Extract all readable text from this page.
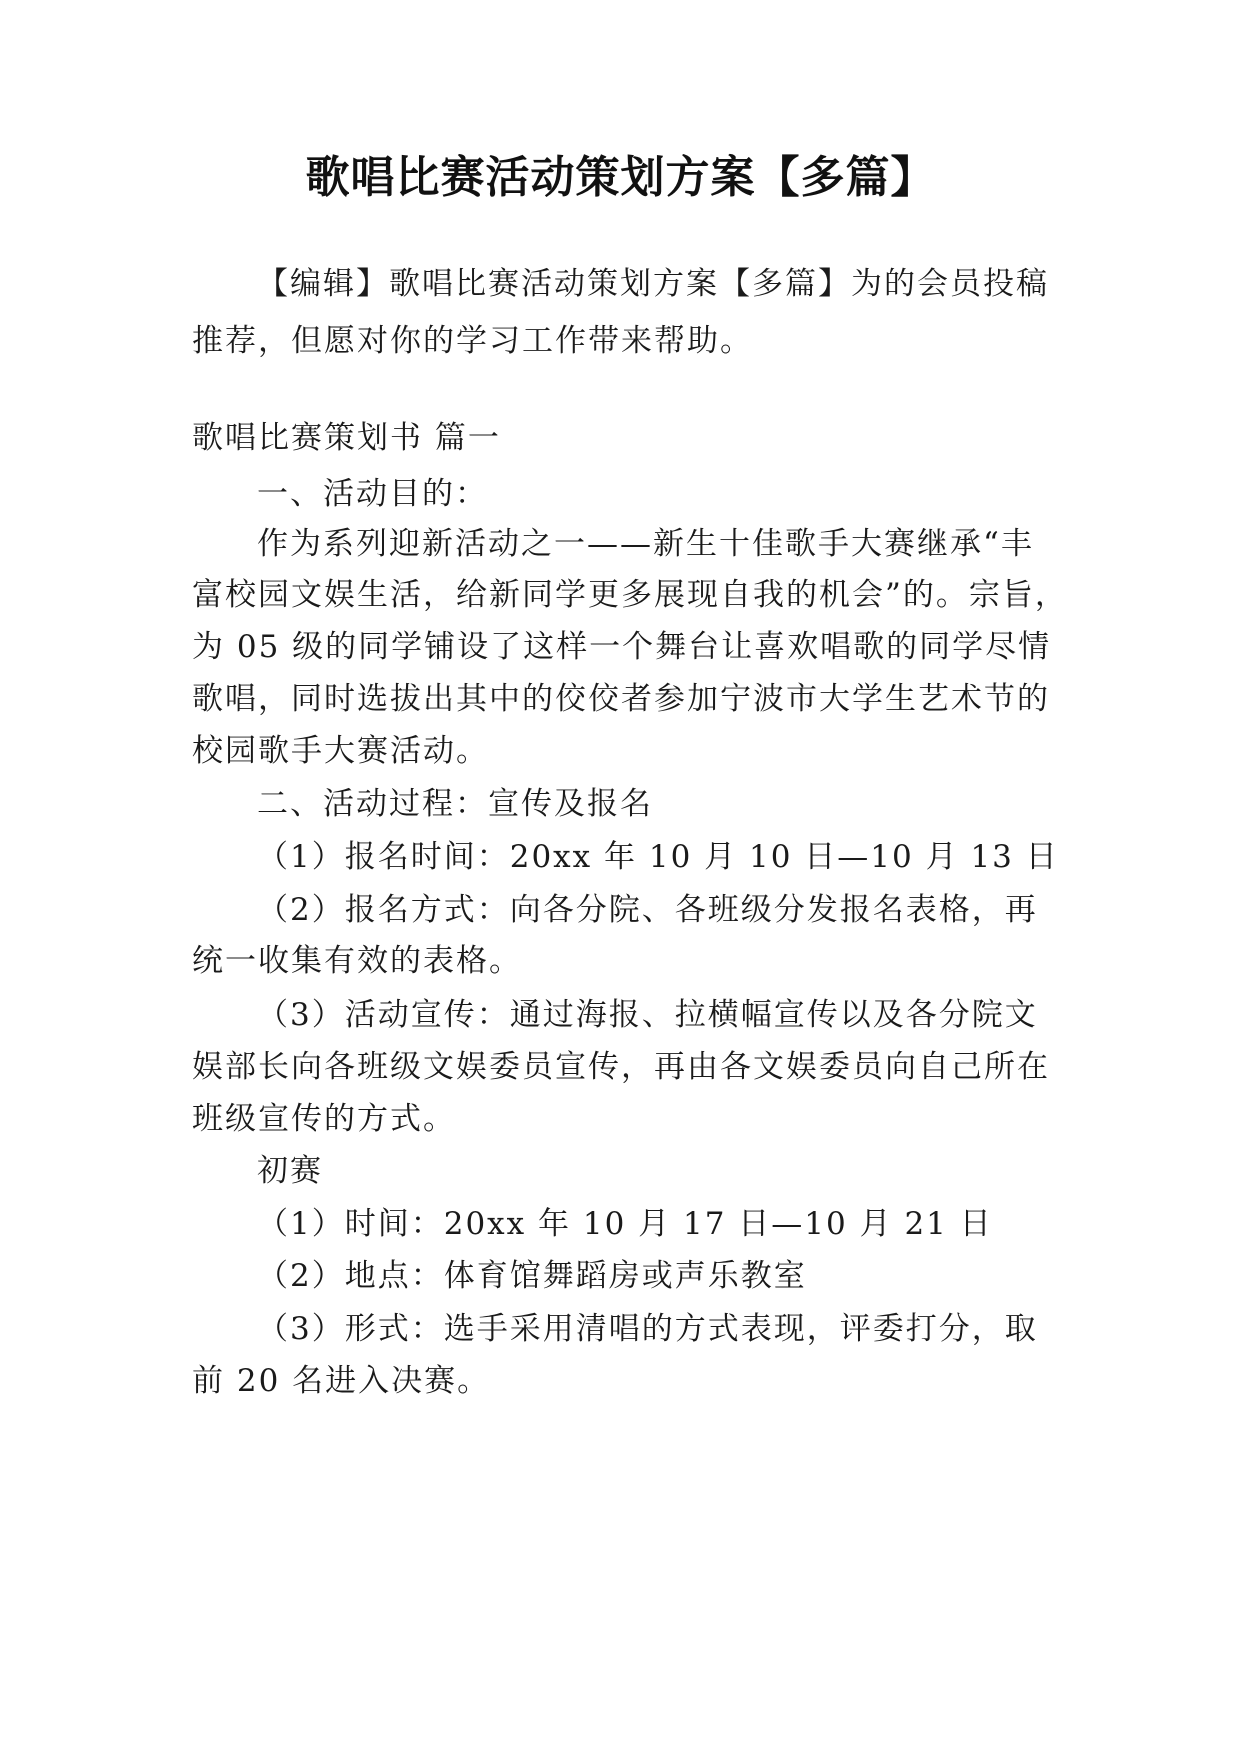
歌唱比赛活动策划方案【多篇】
【编辑】歌唱比赛活动策划方案【多篇】为的会员投稿
推荐，但愿对你的学习工作带来帮助。
歌唱比赛策划书 篇一
一、活动目的：
作为系列迎新活动之一——新生十佳歌手大赛继承“丰
富校园文娱生活，给新同学更多展现自我的机会”的。宗旨，
为 05 级的同学铺设了这样一个舞台让喜欢唱歌的同学尽情
歌唱，同时选拔出其中的佼佼者参加宁波市大学生艺术节的
校园歌手大赛活动。
二、活动过程：宣传及报名
（1）报名时间：20xx 年 10 月 10 日—10 月 13 日
（2）报名方式：向各分院、各班级分发报名表格，再
统一收集有效的表格。
（3）活动宣传：通过海报、拉横幅宣传以及各分院文
娱部长向各班级文娱委员宣传，再由各文娱委员向自己所在
班级宣传的方式。
初赛
（1）时间：20xx 年 10 月 17 日—10 月 21 日
（2）地点：体育馆舞蹈房或声乐教室
（3）形式：选手采用清唱的方式表现，评委打分，取
前 20 名进入决赛。
